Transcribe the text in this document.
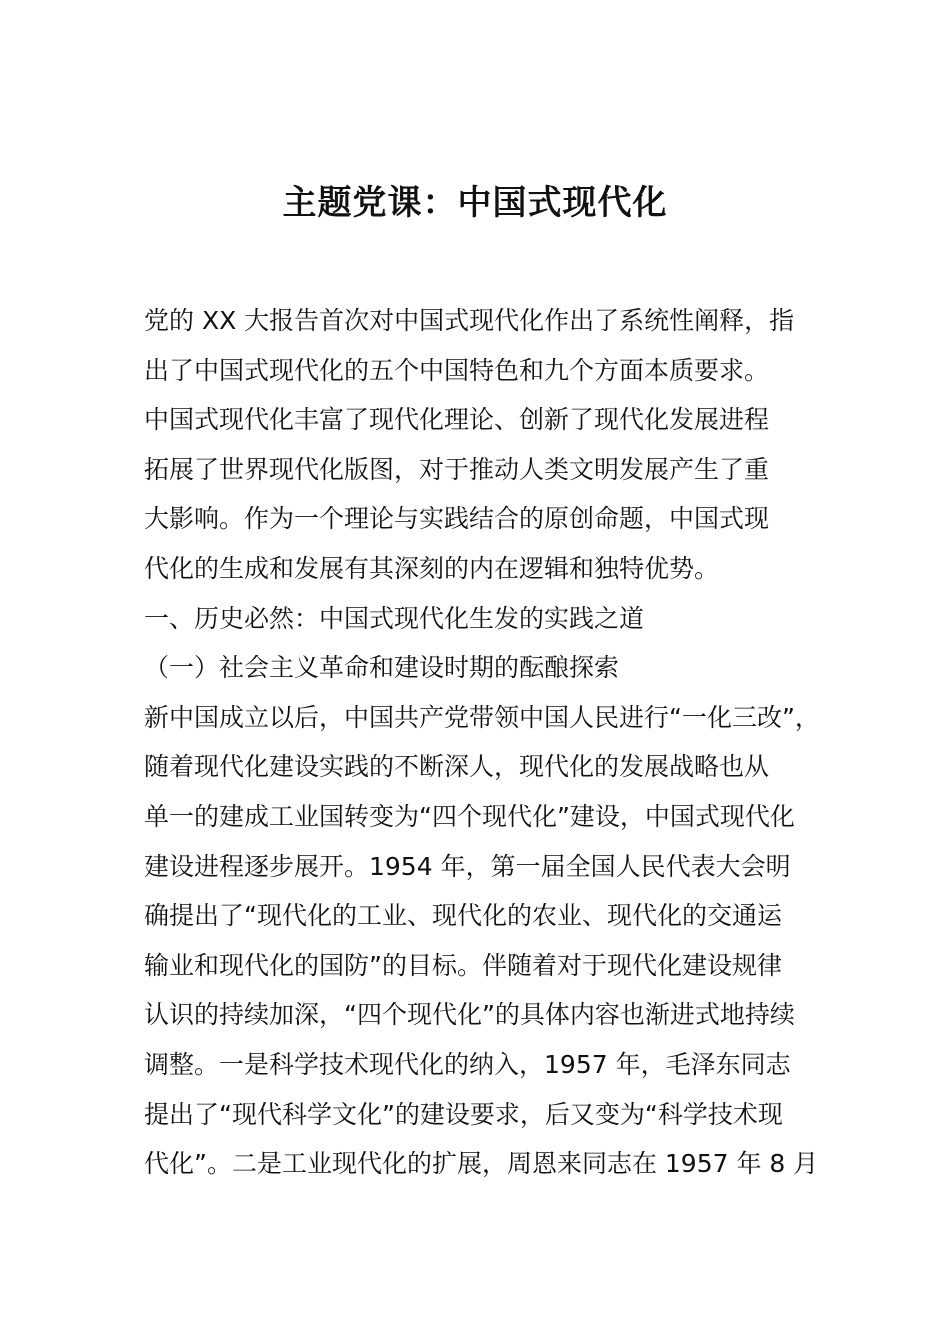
主题党课：中国式现代化
党的 XX 大报告首次对中国式现代化作出了系统性阐释，指
出了中国式现代化的五个中国特色和九个方面本质要求。
中国式现代化丰富了现代化理论、创新了现代化发展进程
拓展了世界现代化版图，对于推动人类文明发展产生了重
大影响。作为一个理论与实践结合的原创命题，中国式现
代化的生成和发展有其深刻的内在逻辑和独特优势。
一、历史必然：中国式现代化生发的实践之道
（一）社会主义革命和建设时期的酝酿探索
新中国成立以后，中国共产党带领中国人民进行“一化三改”，
随着现代化建设实践的不断深人，现代化的发展战略也从
单一的建成工业国转变为“四个现代化”建设，中国式现代化
建设进程逐步展开。1954 年，第一届全国人民代表大会明
确提出了“现代化的工业、现代化的农业、现代化的交通运
输业和现代化的国防”的目标。伴随着对于现代化建设规律
认识的持续加深，“四个现代化”的具体内容也渐进式地持续
调整。一是科学技术现代化的纳入，1957 年，毛泽东同志
提出了“现代科学文化”的建设要求，后又变为“科学技术现
代化”。二是工业现代化的扩展，周恩来同志在 1957 年 8 月
